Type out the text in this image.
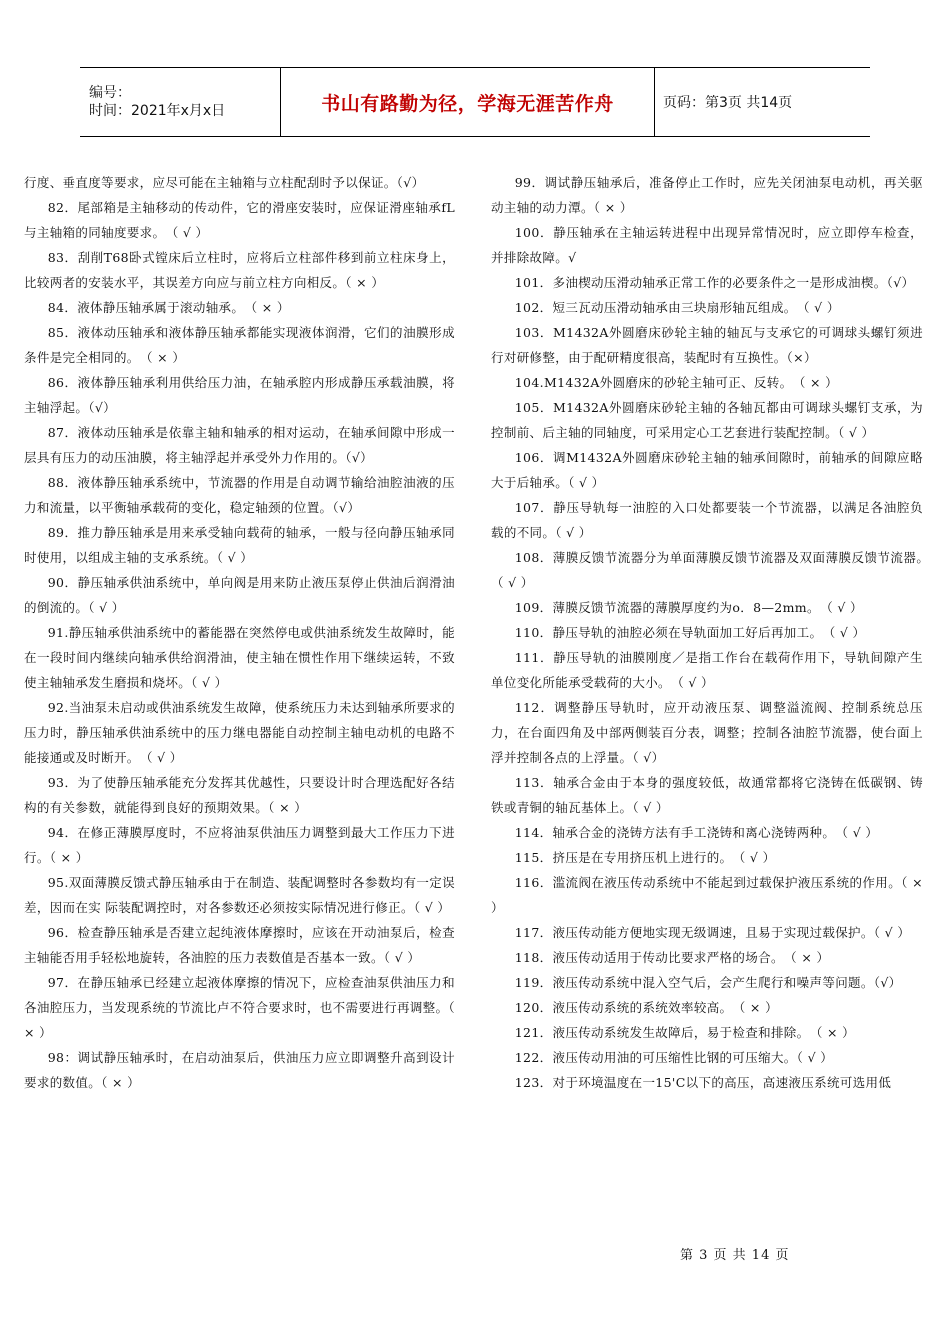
编号：
时间：2021年x月x日	书山有路勤为径，学海无涯苦作舟	页码：第3页 共14页

行度、垂直度等要求，应尽可能在主轴箱与立柱配刮时予以保证。（√）

82．尾部箱是主轴移动的传动件，它的滑座安装时，应保证滑座轴承fL与主轴箱的同轴度要求。　（ √ ）

83．刮削T68卧式镗床后立柱时，应将后立柱部件移到前立柱床身上，比较两者的安装水平，其误差方向应与前立柱方向相反。（ × ）

84．液体静压轴承属于滚动轴承。　（ × ）

85．液体动压轴承和液体静压轴承都能实现液体润滑，它们的油膜形成条件是完全相同的。　（ × ）

86．液体静压轴承利用供给压力油，在轴承腔内形成静压承载油膜，将主轴浮起。（√）

87．液体动压轴承是依靠主轴和轴承的相对运动，在轴承间隙中形成一层具有压力的动压油膜，将主轴浮起并承受外力作用的。（√）

88．液体静压轴承系统中，节流器的作用是自动调节输给油腔油液的压力和流量，以平衡轴承载荷的变化，稳定轴颈的位置。（√）

89．推力静压轴承是用来承受轴向载荷的轴承，一般与径向静压轴承同时使用，以组成主轴的支承系统。（ √ ）

90．静压轴承供油系统中，单向阀是用来防止液压泵停止供油后润滑油的倒流的。（ √ ）

91.静压轴承供油系统中的蓄能器在突然停电或供油系统发生故障时，能在一段时间内继续向轴承供给润滑油，使主轴在惯性作用下继续运转，不致使主轴轴承发生磨损和烧坏。（ √ ）

92.当油泵未启动或供油系统发生故障，使系统压力未达到轴承所要求的压力时，静压轴承供油系统中的压力继电器能自动控制主轴电动机的电路不能接通或及时断开。　（ √ ）

93．为了使静压轴承能充分发挥其优越性，只要设计时合理选配好各结构的有关参数，就能得到良好的预期效果。（ × ）

94．在修正薄膜厚度时，不应将油泵供油压力调整到最大工作压力下进行。（ × ）

95.双面薄膜反馈式静压轴承由于在制造、装配调整时各参数均有一定误差，因而在实 际装配调控时，对各参数还必须按实际情况进行修正。（ √ ）

96．检查静压轴承是否建立起纯液体摩擦时，应该在开动油泵后，检查主轴能否用手轻松地旋转，各油腔的压力表数值是否基本一致。（ √ ）

97．在静压轴承已经建立起液体摩擦的情况下，应检查油泵供油压力和各油腔压力，当发现系统的节流比卢不符合要求时，也不需要进行再调整。（ × ）

98：调试静压轴承时，在启动油泵后，供油压力应立即调整升高到设计要求的数值。（ × ）

99．调试静压轴承后，准备停止工作时，应先关闭油泵电动机，再关驱动主轴的动力潭。（ × ）

100．静压轴承在主轴运转进程中出现异常情况时，应立即停车检查，并排除故障。√

101．多油楔动压滑动轴承正常工作的必要条件之一是形成油楔。（√）

102．短三瓦动压滑动轴承由三块扇形轴瓦组成。　（ √ ）

103．M1432A外圆磨床砂轮主轴的轴瓦与支承它的可调球头螺钉须进行对研修整，由于配研精度很高，装配时有互换性。（×）

104.M1432A外圆磨床的砂轮主轴可正、反转。　（ × ）

105．M1432A外圆磨床砂轮主轴的各轴瓦都由可调球头螺钉支承，为控制前、后主轴的同轴度，可采用定心工艺套进行装配控制。（ √ ）

106．调M1432A外圆磨床砂轮主轴的轴承间隙时，前轴承的间隙应略大于后轴承。（ √ ）

107．静压导轨每一油腔的入口处都要装一个节流器，以满足各油腔负载的不同。（ √ ）

108．薄膜反馈节流器分为单面薄膜反馈节流器及双面薄膜反馈节流器。　（ √ ）

109．薄膜反馈节流器的薄膜厚度约为o．8—2mm。　（ √ ）

110．静压导轨的油腔必须在导轨面加工好后再加工。　（ √ ）

111．静压导轨的油膜刚度／是指工作台在载荷作用下，导轨间隙产生单位变化所能承受载荷的大小。　（ √ ）

112．调整静压导轨时，应开动液压泵、调整溢流阀、控制系统总压力，在台面四角及中部两侧装百分表，调整；控制各油腔节流器，使台面上浮并控制各点的上浮量。（ √）

113．轴承合金由于本身的强度较低，故通常都将它浇铸在低碳钢、铸铁或青铜的轴瓦基体上。（ √ ）

114．轴承合金的浇铸方法有手工浇铸和离心浇铸两种。　（ √ ）

115．挤压是在专用挤压机上进行的。　（ √ ）

116．滥流阀在液压传动系统中不能起到过载保护液压系统的作用。（ × ）

117．液压传动能方便地实现无级调速，且易于实现过载保护。（ √ ）

118．液压传动适用于传动比要求严格的场合。　（ × ）

119．液压传动系统中混入空气后，会产生爬行和噪声等问题。（√）

120．液压传动系统的系统效率较高。　（ × ）

121．液压传动系统发生故障后，易于检查和排除。　（ × ）

122．液压传动用油的可压缩性比钢的可压缩大。（ √ ）

123．对于环境温度在一15'C以下的高压，高速液压系统可选用低

第 3 页 共 14 页
